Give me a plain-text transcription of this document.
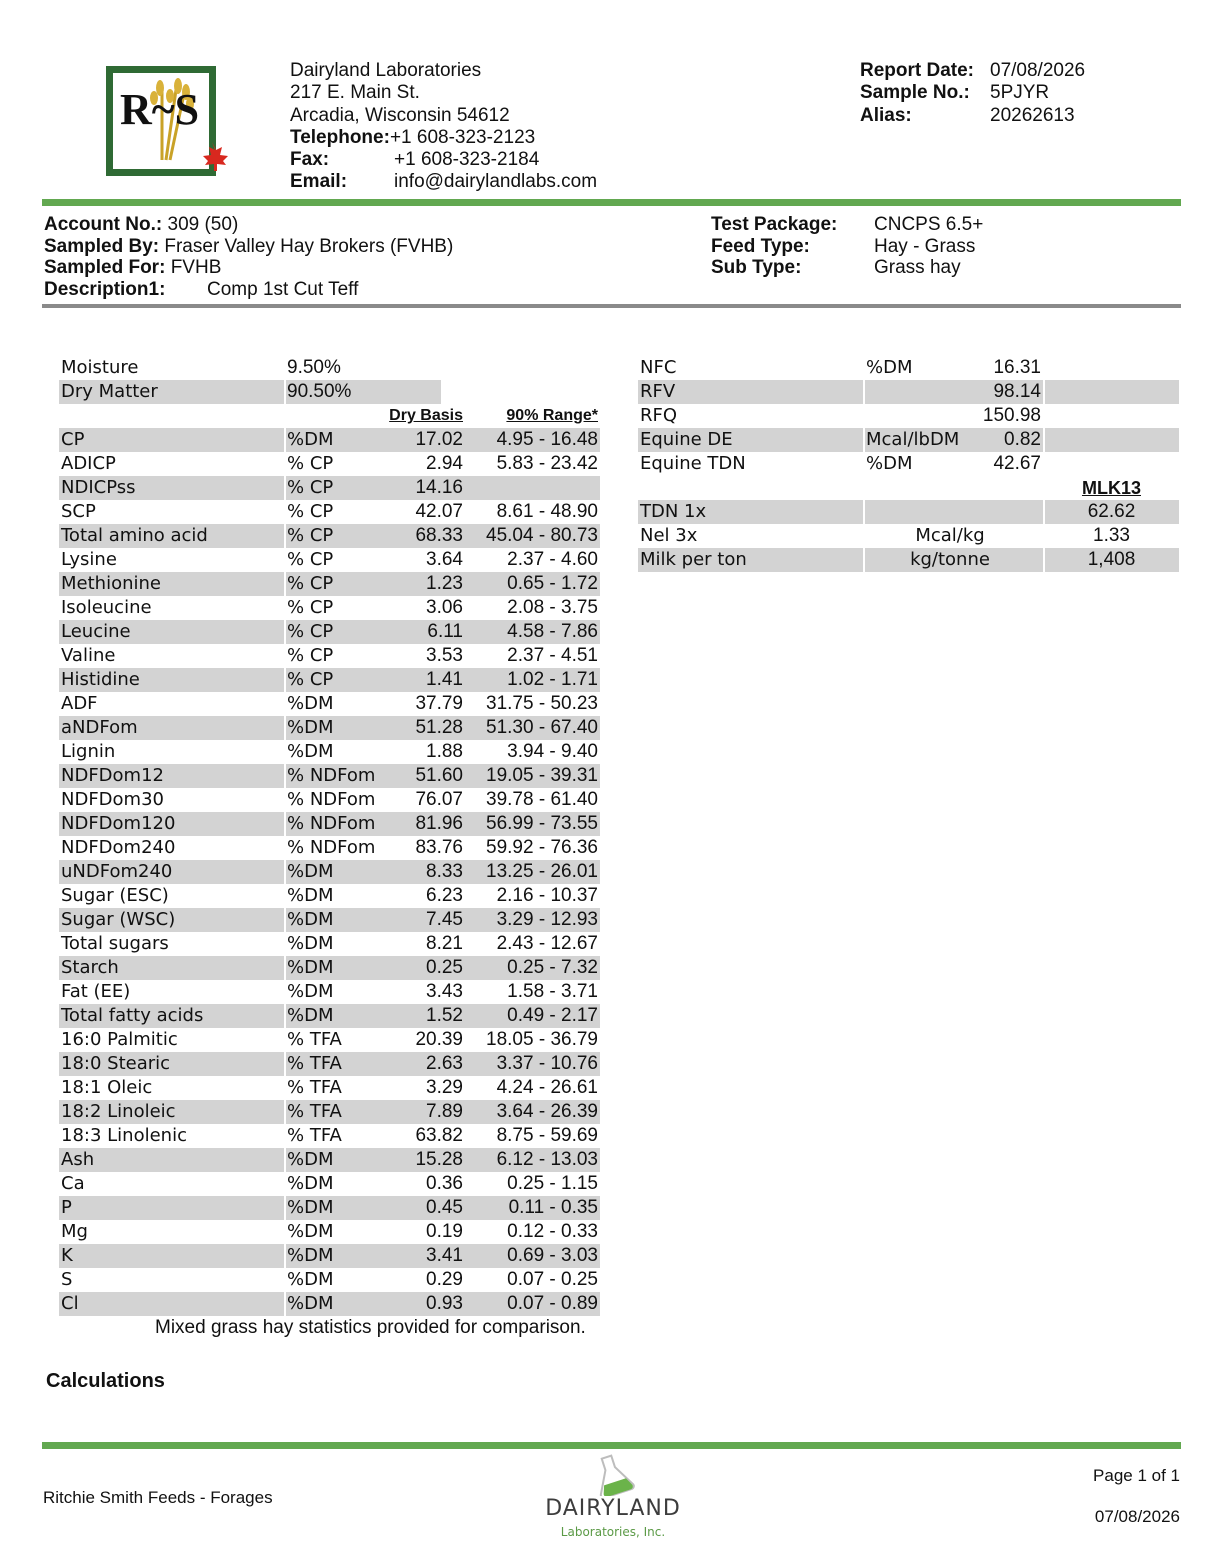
R~S
Dairyland Laboratories
217 E. Main St.
Arcadia, Wisconsin 54612
Telephone:+1 608-323-2123
Fax:	+1 608-323-2184
Email: info@dairylandlabs.com
Report Date: 07/08/2026
Sample No.: 5PJYR
Alias:	20262613
Account No.: 309 (50)
Sampled By: Fraser Valley Hay Brokers (FVHB)
Sampled For: FVHB
Description1: Comp 1st Cut Teff
Test Package: CNCPS 6.5+
Feed Type:	Hay - Grass
Sub Type:	Grass hay
Moisture	9.50%
Dry Matter	90.50%
Dry Basis	90% Range*
CP	%DM	17.02	4.95 - 16.48
ADICP	% CP	2.94	5.83 - 23.42
NDICPss	% CP	14.16
SCP	% CP	42.07	8.61 - 48.90
Total amino acid	% CP	68.33	45.04 - 80.73
Lysine	% CP	3.64	2.37 - 4.60
Methionine	% CP	1.23	0.65 - 1.72
Isoleucine	% CP	3.06	2.08 - 3.75
Leucine	% CP	6.11	4.58 - 7.86
Valine	% CP	3.53	2.37 - 4.51
Histidine	% CP	1.41	1.02 - 1.71
ADF	%DM	37.79	31.75 - 50.23
aNDFom	%DM	51.28	51.30 - 67.40
Lignin	%DM	1.88	3.94 - 9.40
NDFDom12	% NDFom	51.60	19.05 - 39.31
NDFDom30	% NDFom	76.07	39.78 - 61.40
NDFDom120	% NDFom	81.96	56.99 - 73.55
NDFDom240	% NDFom	83.76	59.92 - 76.36
uNDFom240	%DM	8.33	13.25 - 26.01
Sugar (ESC)	%DM	6.23	2.16 - 10.37
Sugar (WSC)	%DM	7.45	3.29 - 12.93
Total sugars	%DM	8.21	2.43 - 12.67
Starch	%DM	0.25	0.25 - 7.32
Fat (EE)	%DM	3.43	1.58 - 3.71
Total fatty acids	%DM	1.52	0.49 - 2.17
16:0 Palmitic	% TFA	20.39	18.05 - 36.79
18:0 Stearic	% TFA	2.63	3.37 - 10.76
18:1 Oleic	% TFA	3.29	4.24 - 26.61
18:2 Linoleic	% TFA	7.89	3.64 - 26.39
18:3 Linolenic	% TFA	63.82	8.75 - 59.69
Ash	%DM	15.28	6.12 - 13.03
Ca	%DM	0.36	0.25 - 1.15
P	%DM	0.45	0.11 - 0.35
Mg	%DM	0.19	0.12 - 0.33
K	%DM	3.41	0.69 - 3.03
S	%DM	0.29	0.07 - 0.25
Cl	%DM	0.93	0.07 - 0.89
Mixed grass hay statistics provided for comparison.
Calculations
NFC	%DM	16.31
RFV	98.14
RFQ	150.98
Equine DE	Mcal/lbDM	0.82
Equine TDN	%DM	42.67
MLK13
TDN 1x	62.62
Nel 3x	Mcal/kg	1.33
Milk per ton	kg/tonne	1,408
Ritchie Smith Feeds - Forages	DAIRYLAND
Laboratories, Inc.
Page 1 of 1
07/08/2026
